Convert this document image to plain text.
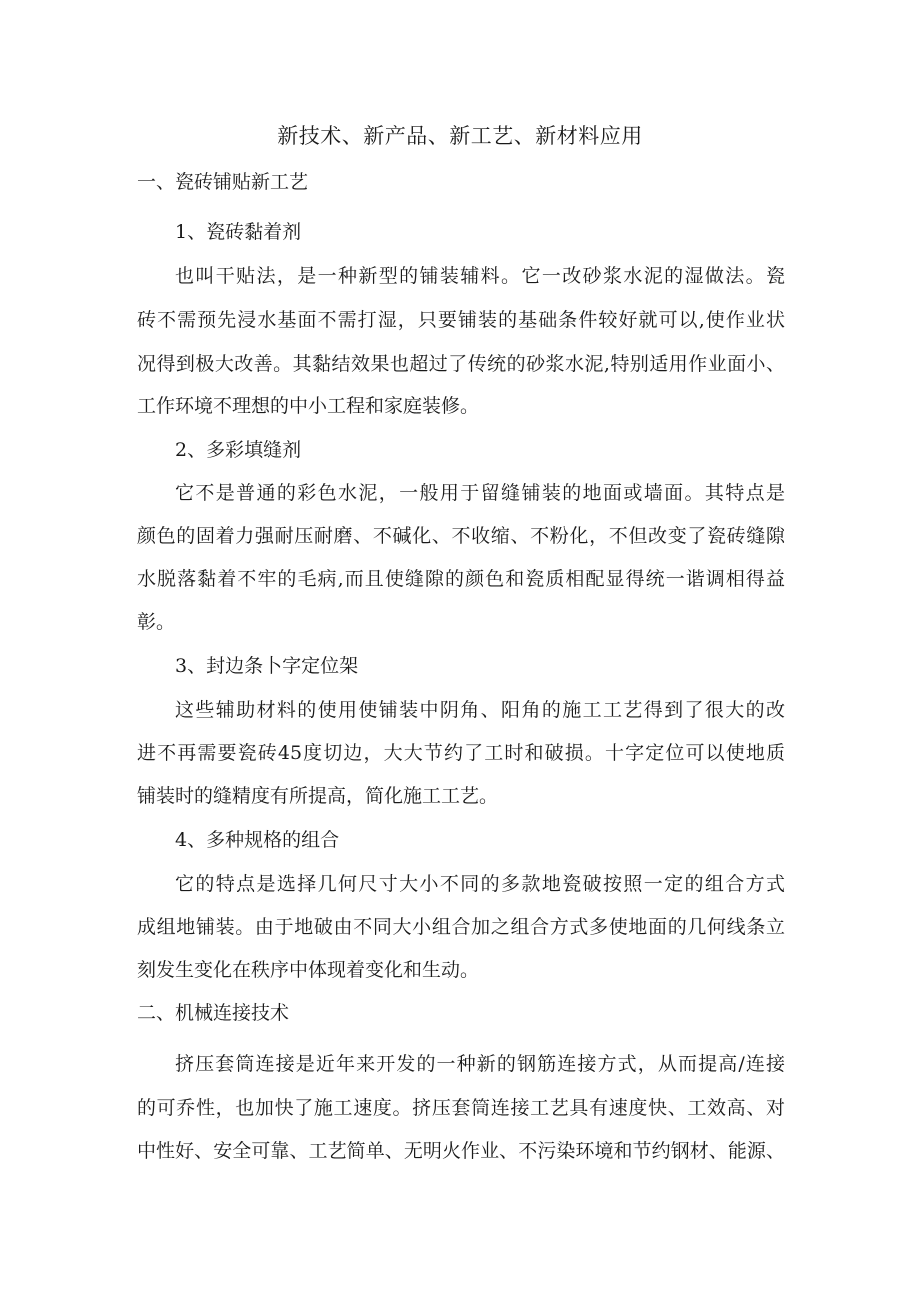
新技术、新产品、新工艺、新材料应用
一、瓷砖铺贴新工艺
1、瓷砖黏着剂
也叫干贴法，是一种新型的铺装辅料。它一改砂浆水泥的湿做法。瓷
砖不需预先浸水基面不需打湿，只要铺装的基础条件较好就可以,使作业状
况得到极大改善。其黏结效果也超过了传统的砂浆水泥,特别适用作业面小、
工作环境不理想的中小工程和家庭装修。
2、多彩填缝剂
它不是普通的彩色水泥，一般用于留缝铺装的地面或墙面。其特点是
颜色的固着力强耐压耐磨、不碱化、不收缩、不粉化，不但改变了瓷砖缝隙
水脱落黏着不牢的毛病,而且使缝隙的颜色和瓷质相配显得统一谐调相得益
彰。
3、封边条卜字定位架
这些辅助材料的使用使铺装中阴角、阳角的施工工艺得到了很大的改
进不再需要瓷砖45度切边，大大节约了工时和破损。十字定位可以使地质
铺装时的缝精度有所提高，简化施工工艺。
4、多种规格的组合
它的特点是选择几何尺寸大小不同的多款地瓷破按照一定的组合方式
成组地铺装。由于地破由不同大小组合加之组合方式多使地面的几何线条立
刻发生变化在秩序中体现着变化和生动。
二、机械连接技术
挤压套筒连接是近年来开发的一种新的钢筋连接方式，从而提高/连接
的可乔性，也加快了施工速度。挤压套筒连接工艺具有速度快、工效高、对
中性好、安全可靠、工艺简单、无明火作业、不污染环境和节约钢材、能源、
